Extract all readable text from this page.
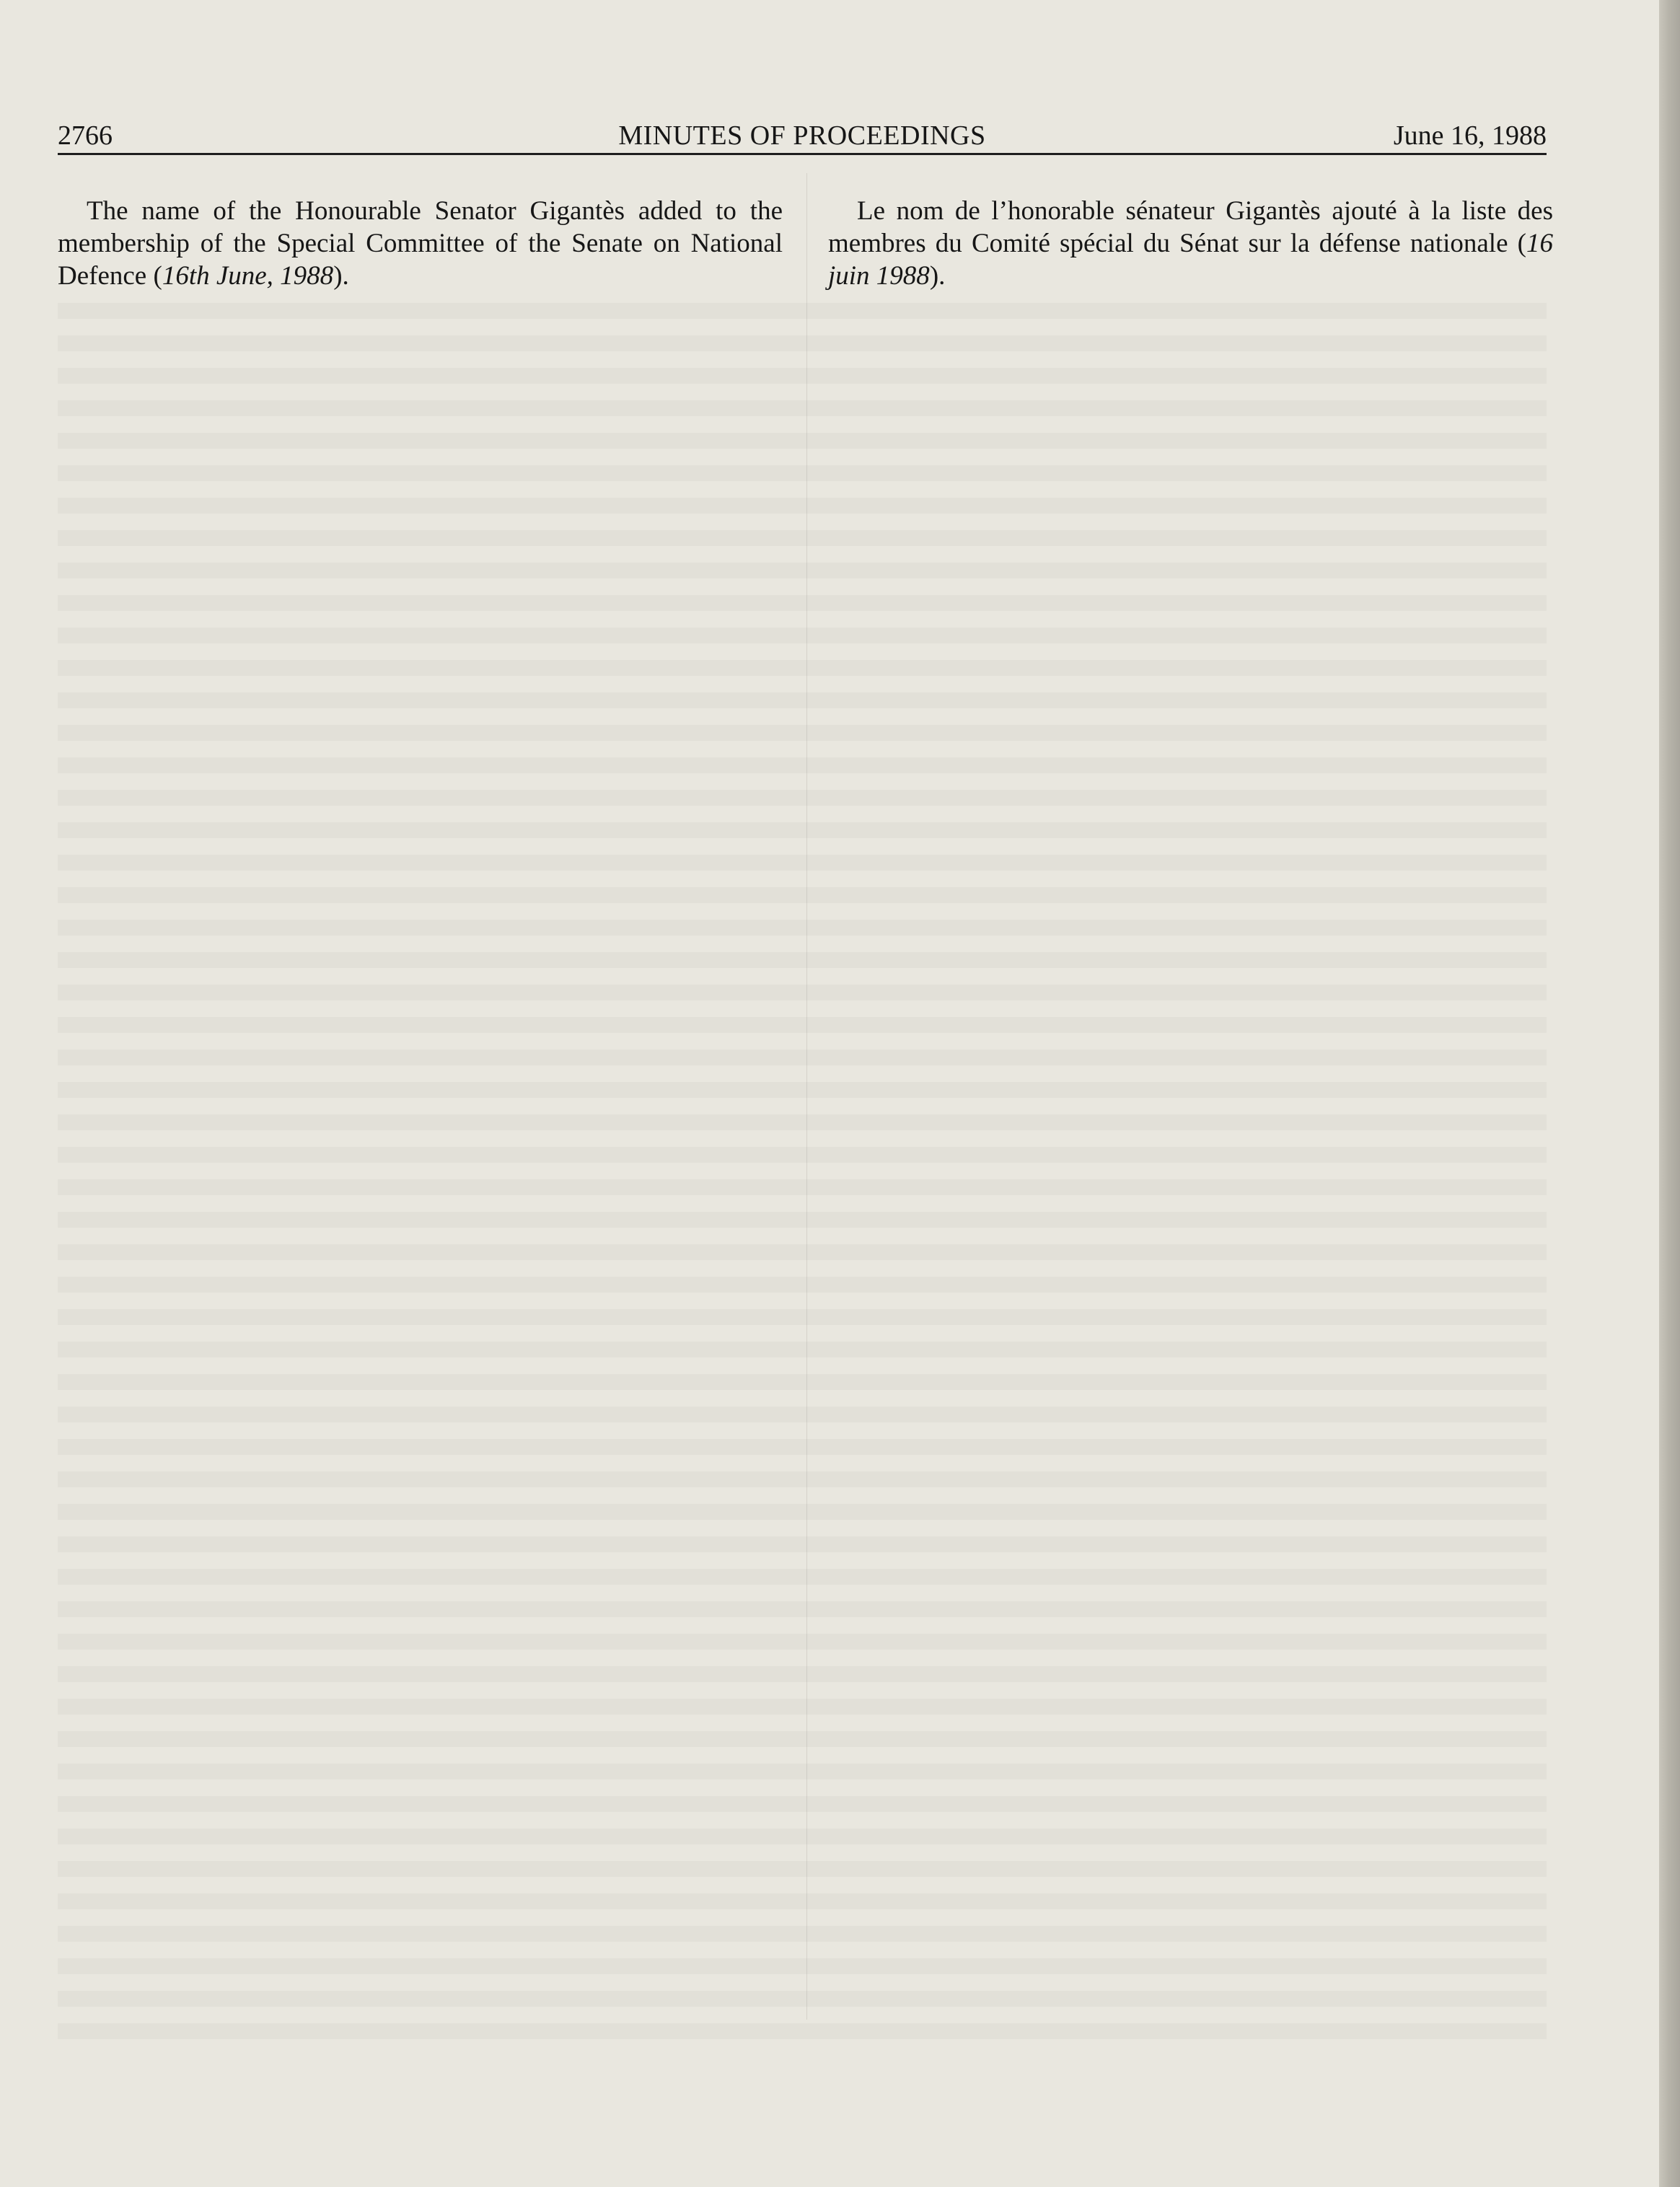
2766	MINUTES OF PROCEEDINGS	June 16, 1988

The name of the Honourable Senator Gigantès added to the membership of the Special Committee of the Senate on National Defence (16th June, 1988).

Le nom de l’honorable sénateur Gigantès ajouté à la liste des membres du Comité spécial du Sénat sur la défense nationale (16 juin 1988).
